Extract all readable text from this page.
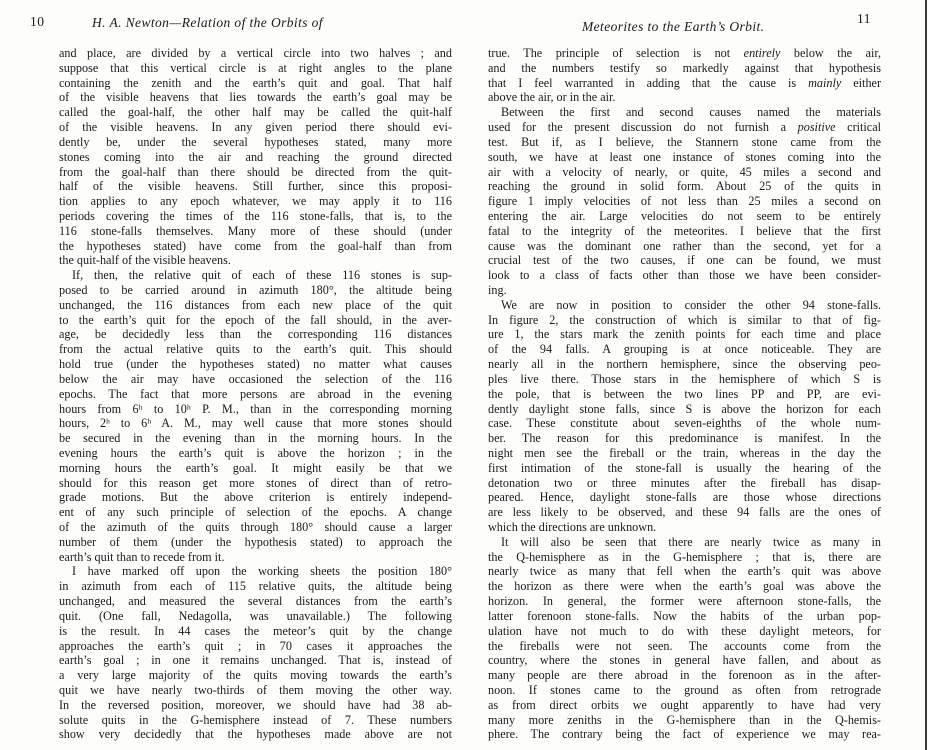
10	H. A. Newton—Relation of the Orbits of
and place, are divided by a vertical circle into two halves ; and
suppose that this vertical circle is at right angles to the plane
containing the zenith and the earth’s quit and goal. That half
of the visible heavens that lies towards the earth’s goal may be
called the goal-half, the other half may be called the quit-half
of the visible heavens. In any given period there should evi-
dently be, under the several hypotheses stated, many more
stones coming into the air and reaching the ground directed
from the goal-half than there should be directed from the quit-
half of the visible heavens. Still further, since this proposi-
tion applies to any epoch whatever, we may apply it to 116
periods covering the times of the 116 stone-falls, that is, to the
116 stone-falls themselves. Many more of these should (under
the hypotheses stated) have come from the goal-half than from
the quit-half of the visible heavens.
If, then, the relative quit of each of these 116 stones is sup-
posed to be carried around in azimuth 180°, the altitude being
unchanged, the 116 distances from each new place of the quit
to the earth’s quit for the epoch of the fall should, in the aver-
age, be decidedly less than the corresponding 116 distances
from the actual relative quits to the earth’s quit. This should
hold true (under the hypotheses stated) no matter what causes
below the air may have occasioned the selection of the 116
epochs. The fact that more persons are abroad in the evening
hours from 6ʰ to 10ʰ P. M., than in the corresponding morning
hours, 2ʰ to 6ʰ A. M., may well cause that more stones should
be secured in the evening than in the morning hours. In the
evening hours the earth’s quit is above the horizon ; in the
morning hours the earth’s goal. It might easily be that we
should for this reason get more stones of direct than of retro-
grade motions. But the above criterion is entirely independ-
ent of any such principle of selection of the epochs. A change
of the azimuth of the quits through 180° should cause a larger
number of them (under the hypothesis stated) to approach the
earth’s quit than to recede from it.
I have marked off upon the working sheets the position 180°
in azimuth from each of 115 relative quits, the altitude being
unchanged, and measured the several distances from the earth’s
quit. (One fall, Nedagolla, was unavailable.) The following
is the result. In 44 cases the meteor’s quit by the change
approaches the earth’s quit ; in 70 cases it approaches the
earth’s goal ; in one it remains unchanged. That is, instead of
a very large majority of the quits moving towards the earth’s
quit we have nearly two-thirds of them moving the other way.
In the reversed position, moreover, we should have had 38 ab-
solute quits in the G-hemisphere instead of 7. These numbers
show very decidedly that the hypotheses made above are not
Meteorites to the Earth’s Orbit.
11
true. The principle of selection is not entirely below the air,
and the numbers testify so markedly against that hypothesis
that I feel warranted in adding that the cause is mainly either
above the air, or in the air.
Between the first and second causes named the materials
used for the present discussion do not furnish a positive critical
test. But if, as I believe, the Stannern stone came from the
south, we have at least one instance of stones coming into the
air with a velocity of nearly, or quite, 45 miles a second and
reaching the ground in solid form. About 25 of the quits in
figure 1 imply velocities of not less than 25 miles a second on
entering the air. Large velocities do not seem to be entirely
fatal to the integrity of the meteorites. I believe that the first
cause was the dominant one rather than the second, yet for a
crucial test of the two causes, if one can be found, we must
look to a class of facts other than those we have been consider-
ing.
We are now in position to consider the other 94 stone-falls.
In figure 2, the construction of which is similar to that of fig-
ure 1, the stars mark the zenith points for each time and place
of the 94 falls. A grouping is at once noticeable. They are
nearly all in the northern hemisphere, since the observing peo-
ples live there. Those stars in the hemisphere of which S is
the pole, that is between the two lines PP and PP, are evi-
dently daylight stone falls, since S is above the horizon for each
case. These constitute about seven-eighths of the whole num-
ber. The reason for this predominance is manifest. In the
night men see the fireball or the train, whereas in the day the
first intimation of the stone-fall is usually the hearing of the
detonation two or three minutes after the fireball has disap-
peared. Hence, daylight stone-falls are those whose directions
are less likely to be observed, and these 94 falls are the ones of
which the directions are unknown.
It will also be seen that there are nearly twice as many in
the Q-hemisphere as in the G-hemisphere ; that is, there are
nearly twice as many that fell when the earth’s quit was above
the horizon as there were when the earth’s goal was above the
horizon. In general, the former were afternoon stone-falls, the
latter forenoon stone-falls. Now the habits of the urban pop-
ulation have not much to do with these daylight meteors, for
the fireballs were not seen. The accounts come from the
country, where the stones in general have fallen, and about as
many people are there abroad in the forenoon as in the after-
noon. If stones came to the ground as often from retrograde
as from direct orbits we ought apparently to have had very
many more zeniths in the G-hemisphere than in the Q-hemis-
phere. The contrary being the fact of experience we may rea-
